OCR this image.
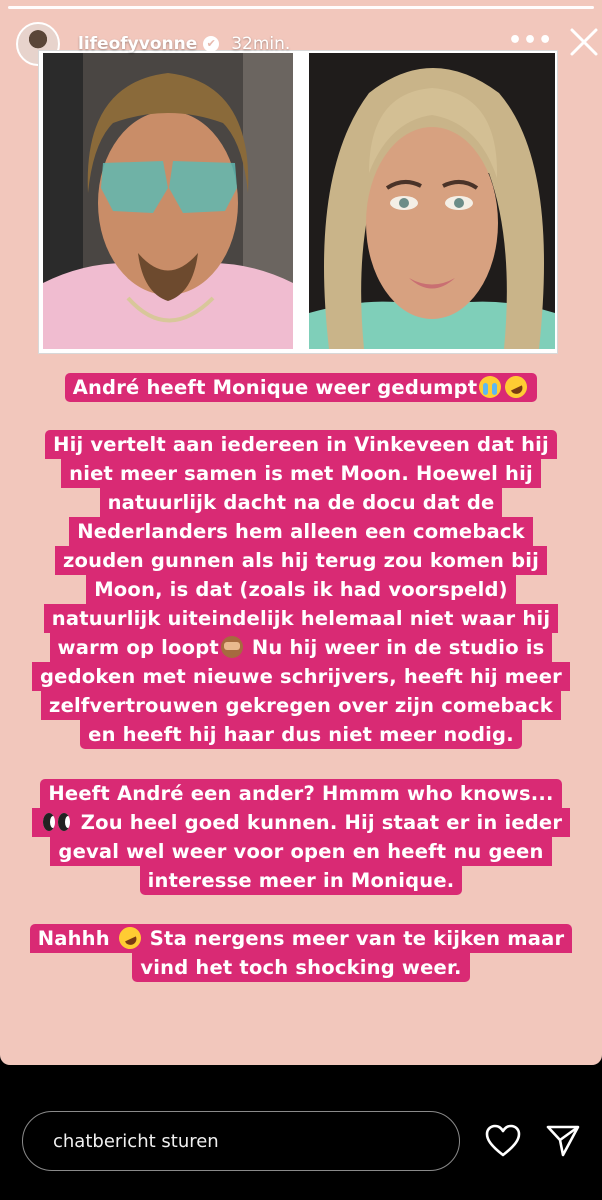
lifeofyvonne ✔ 32min.	•••
André heeft Monique weer gedumpt
Hij vertelt aan iedereen in Vinkeveen dat hij
niet meer samen is met Moon. Hoewel hij
natuurlijk dacht na de docu dat de
Nederlanders hem alleen een comeback
zouden gunnen als hij terug zou komen bij
Moon, is dat (zoals ik had voorspeld)
natuurlijk uiteindelijk helemaal niet waar hij
warm op loopt Nu hij weer in de studio is
gedoken met nieuwe schrijvers, heeft hij meer
zelfvertrouwen gekregen over zijn comeback
en heeft hij haar dus niet meer nodig.
Heeft André een ander? Hmmm who knows...
Zou heel goed kunnen. Hij staat er in ieder
geval wel weer voor open en heeft nu geen
interesse meer in Monique.
Nahhh  Sta nergens meer van te kijken maar
vind het toch shocking weer.
chatbericht sturen
